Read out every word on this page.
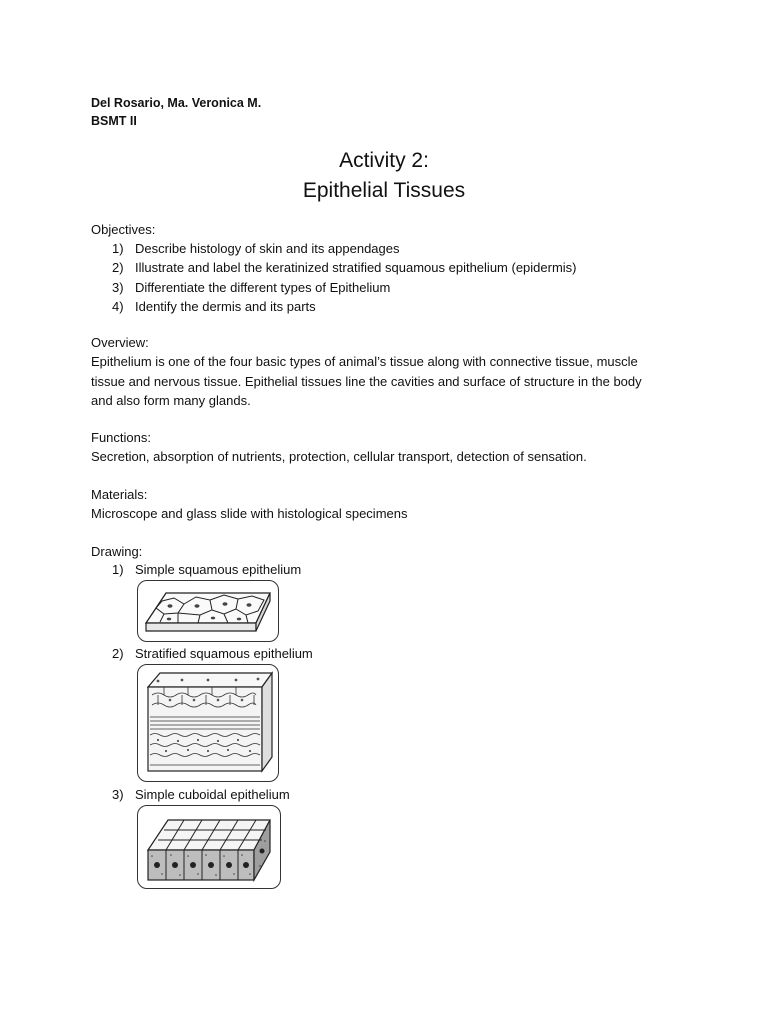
Del Rosario, Ma. Veronica M.
BSMT II
Activity 2:
Epithelial Tissues
Objectives:
1) Describe histology of skin and its appendages
2) Illustrate and label the keratinized stratified squamous epithelium (epidermis)
3) Differentiate the different types of Epithelium
4) Identify the dermis and its parts
Overview:
Epithelium is one of the four basic types of animal’s tissue along with connective tissue, muscle
tissue and nervous tissue. Epithelial tissues line the cavities and surface of structure in the body
and also form many glands.
Functions:
Secretion, absorption of nutrients, protection, cellular transport, detection of sensation.
Materials:
Microscope and glass slide with histological specimens
Drawing:
1) Simple squamous epithelium
2) Stratified squamous epithelium
3) Simple cuboidal epithelium
